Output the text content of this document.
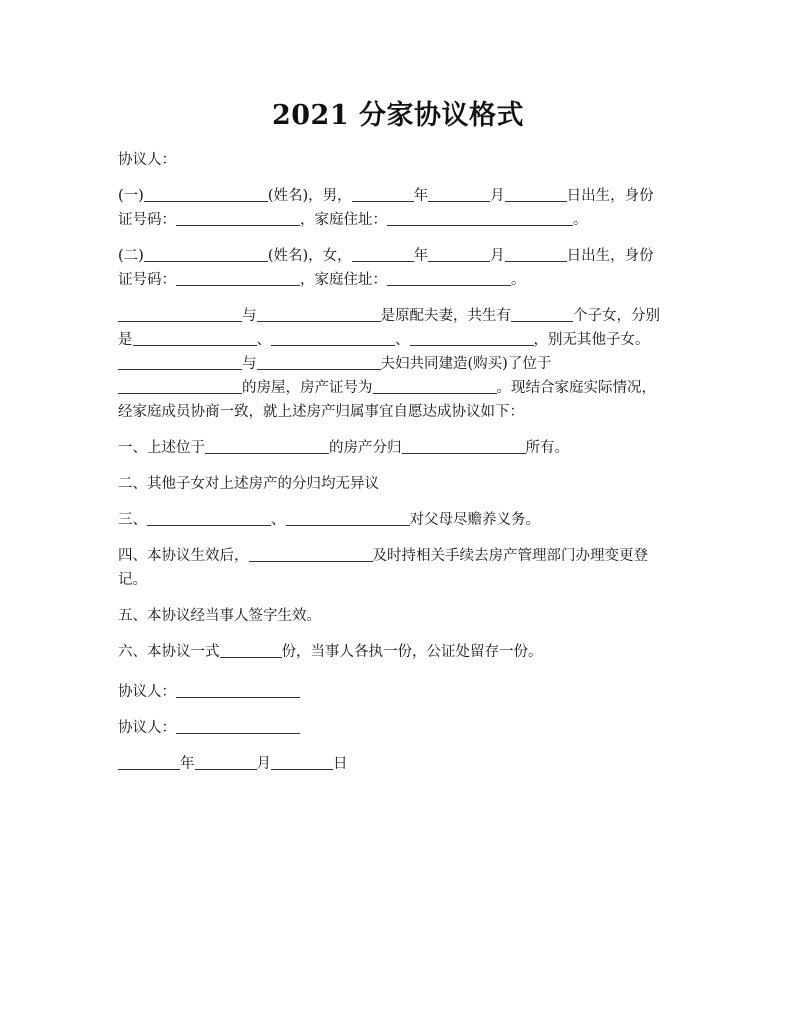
2021 分家协议格式
协议人：
(一)	(姓名)，男，	年	月	日出生，身份
证号码：	，家庭住址：	。
(二)	(姓名)，女，	年	月	日出生，身份
证号码：	，家庭住址：	。
与	是原配夫妻，共生有	个子女，分别
是	、	、	，别无其他子女。
与	夫妇共同建造(购买)了位于
的房屋，房产证号为	。现结合家庭实际情况，
经家庭成员协商一致，就上述房产归属事宜自愿达成协议如下：
一、上述位于	的房产分归	所有。
二、其他子女对上述房产的分归均无异议
三、	、	对父母尽赡养义务。
四、本协议生效后，	及时持相关手续去房产管理部门办理变更登
记。
五、本协议经当事人签字生效。
六、本协议一式	份，当事人各执一份，公证处留存一份。
协议人：
协议人：
年	月	日
